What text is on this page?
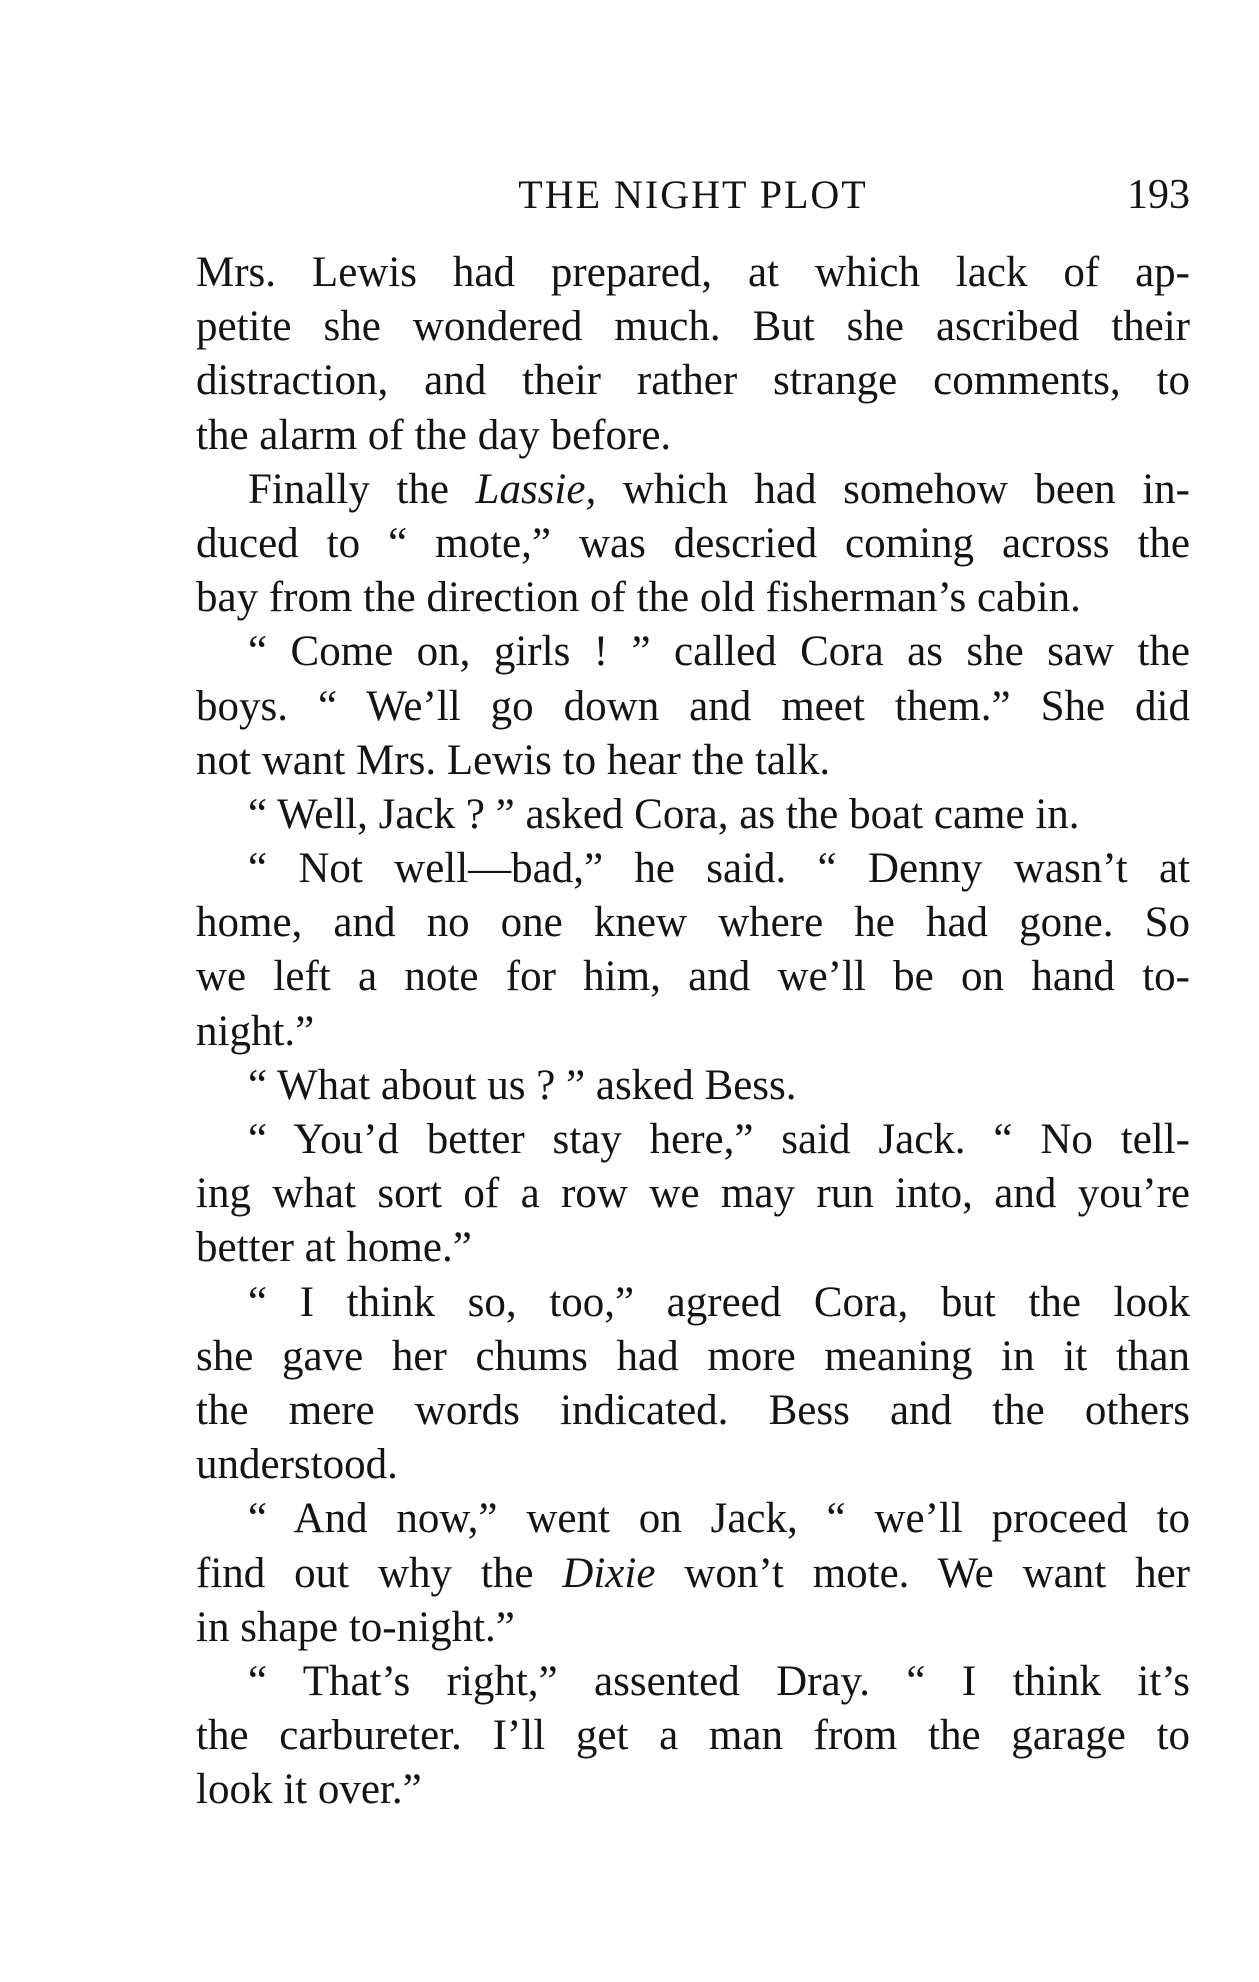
THE NIGHT PLOT	193
Mrs. Lewis had prepared, at which lack of ap-
petite she wondered much. But she ascribed their
distraction, and their rather strange comments, to
the alarm of the day before.
Finally the Lassie, which had somehow been in-
duced to “ mote,” was descried coming across the
bay from the direction of the old fisherman’s cabin.
“ Come on, girls ! ” called Cora as she saw the
boys. “ We’ll go down and meet them.” She did
not want Mrs. Lewis to hear the talk.
“ Well, Jack ? ” asked Cora, as the boat came in.
“ Not well—bad,” he said. “ Denny wasn’t at
home, and no one knew where he had gone. So
we left a note for him, and we’ll be on hand to-
night.”
“ What about us ? ” asked Bess.
“ You’d better stay here,” said Jack. “ No tell-
ing what sort of a row we may run into, and you’re
better at home.”
“ I think so, too,” agreed Cora, but the look
she gave her chums had more meaning in it than
the mere words indicated. Bess and the others
understood.
“ And now,” went on Jack, “ we’ll proceed to
find out why the Dixie won’t mote. We want her
in shape to-night.”
“ That’s right,” assented Dray. “ I think it’s
the carbureter. I’ll get a man from the garage to
look it over.”
